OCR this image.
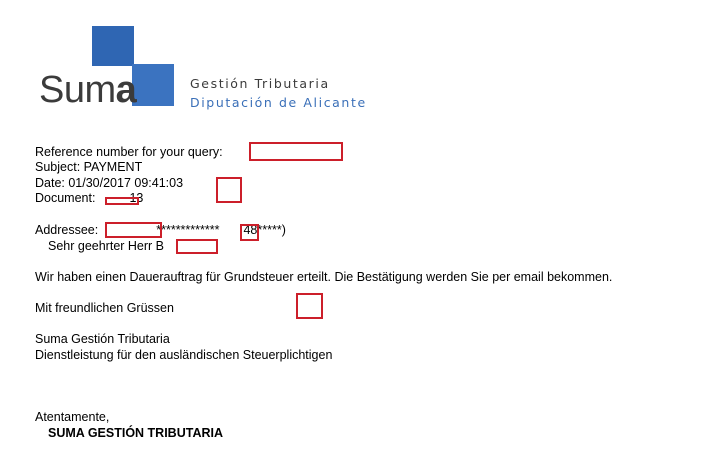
Suma	Gestión Tributaria
Diputación de Alicante
Reference number for your query:
Subject: PAYMENT
Date: 01/30/2017 09:41:03
Document:	13
Addressee:	************* 48*****)
Sehr geehrter Herr B
Wir haben einen Dauerauftrag für Grundsteuer erteilt. Die Bestätigung werden Sie per email bekommen.
Mit freundlichen Grüssen
Suma Gestión Tributaria
Dienstleistung für den ausländischen Steuerplichtigen
Atentamente,
SUMA GESTIÓN TRIBUTARIA
